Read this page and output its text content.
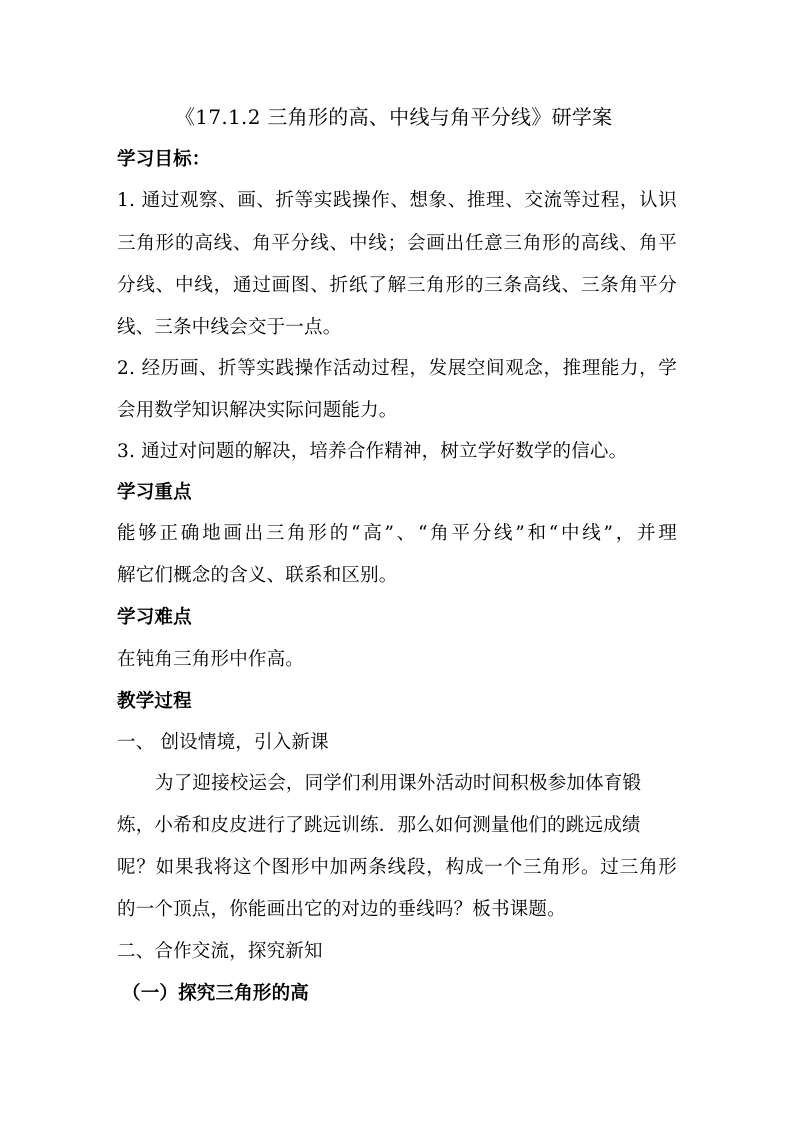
《17.1.2 三角形的高、中线与角平分线》研学案
学习目标：
1. 通过观察、画、折等实践操作、想象、推理、交流等过程，认识
三角形的高线、角平分线、中线；会画出任意三角形的高线、角平
分线、中线，通过画图、折纸了解三角形的三条高线、三条角平分
线、三条中线会交于一点。
2. 经历画、折等实践操作活动过程，发展空间观念，推理能力，学
会用数学知识解决实际问题能力。
3. 通过对问题的解决，培养合作精神，树立学好数学的信心。
学习重点
能够正确地画出三角形的“高”、“角平分线”和“中线”，并理
解它们概念的含义、联系和区别。
学习难点
在钝角三角形中作高。
教学过程
一、 创设情境，引入新课
为了迎接校运会，同学们利用课外活动时间积极参加体育锻
炼，小希和皮皮进行了跳远训练．那么如何测量他们的跳远成绩
呢？如果我将这个图形中加两条线段，构成一个三角形。过三角形
的一个顶点，你能画出它的对边的垂线吗？板书课题。
二、合作交流，探究新知
（一）探究三角形的高
